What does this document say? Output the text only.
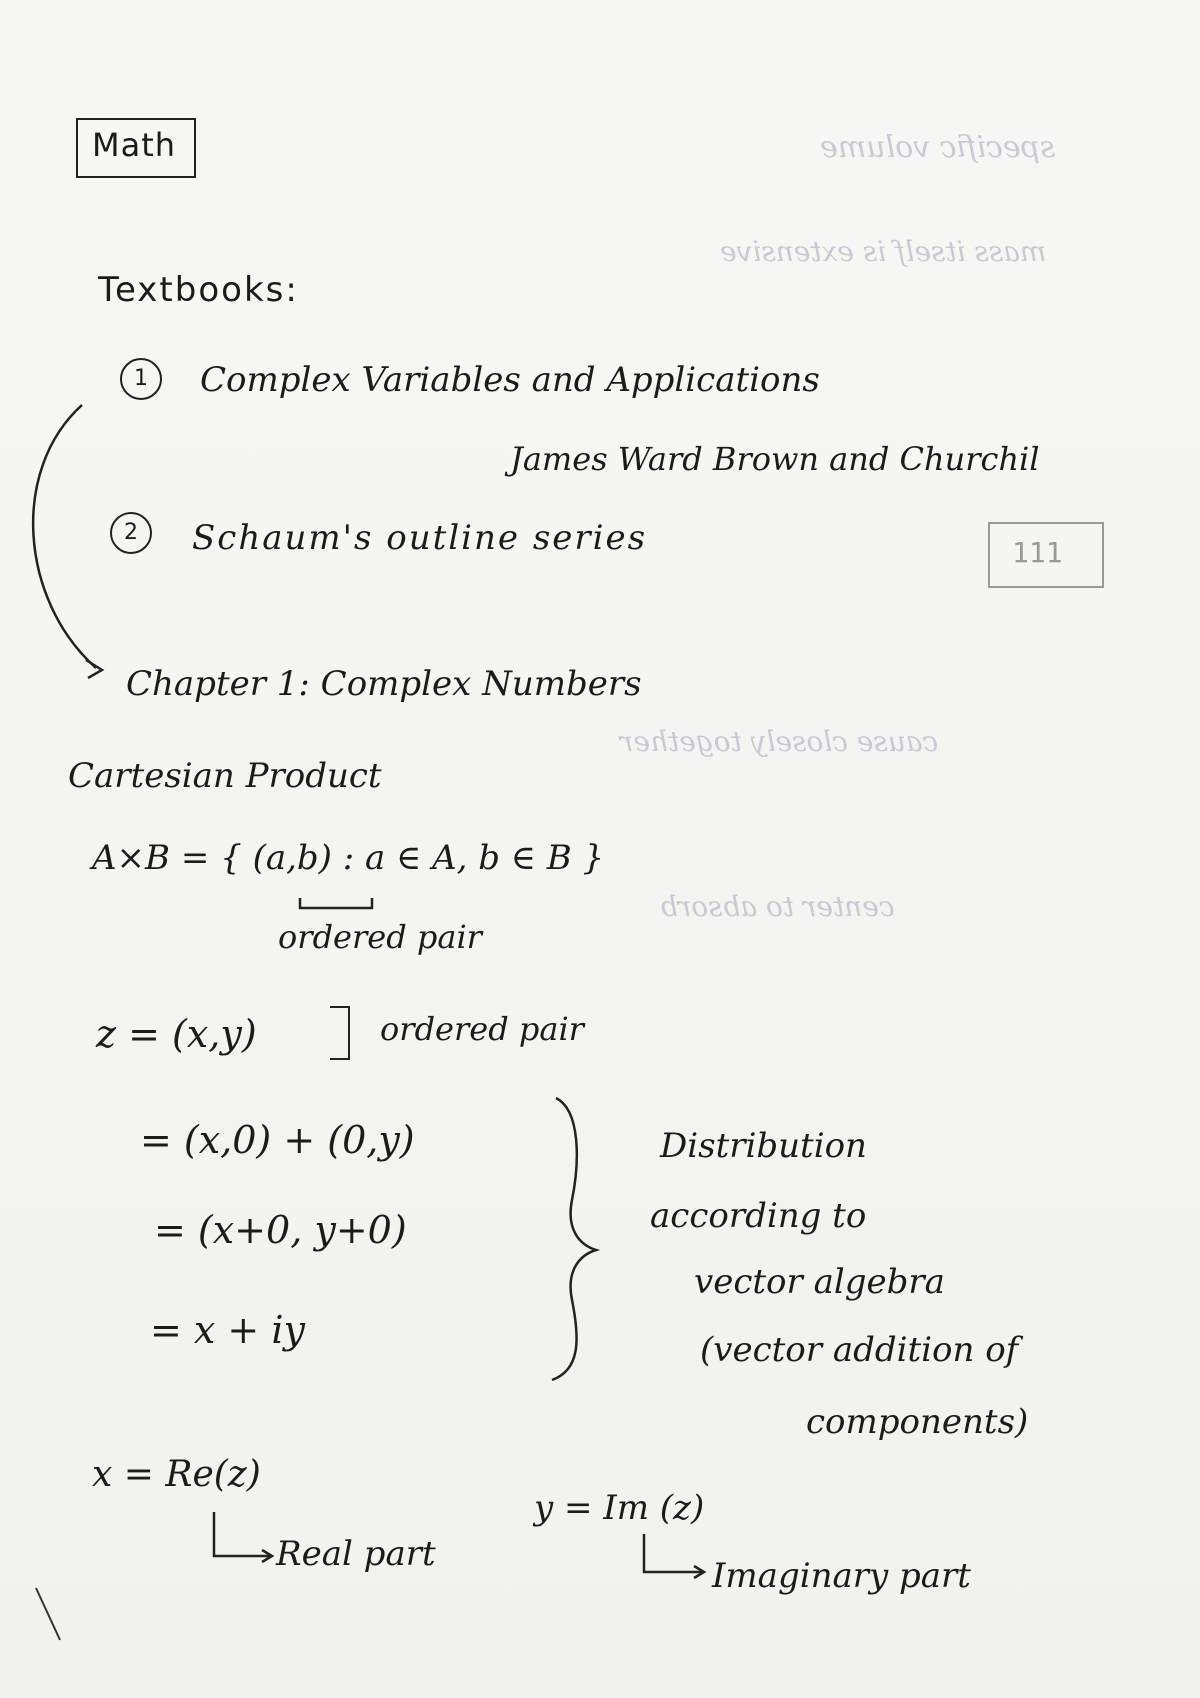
specific volume
mass itself is extensive
cause closely together
center to absorb
Math
Textbooks:
1	Complex Variables and Applications
James Ward Brown and Churchil
2	Schaum's outline series	111
Chapter 1: Complex Numbers
Cartesian Product
A×B = { (a,b) : a ∈ A, b ∈ B }
ordered pair
z = (x,y)	ordered pair
= (x,0) + (0,y)
= (x+0, y+0)
= x + iy
Distribution
according to
vector algebra
(vector addition of
components)
x = Re(z)
Real part
y = Im (z)
Imaginary part
